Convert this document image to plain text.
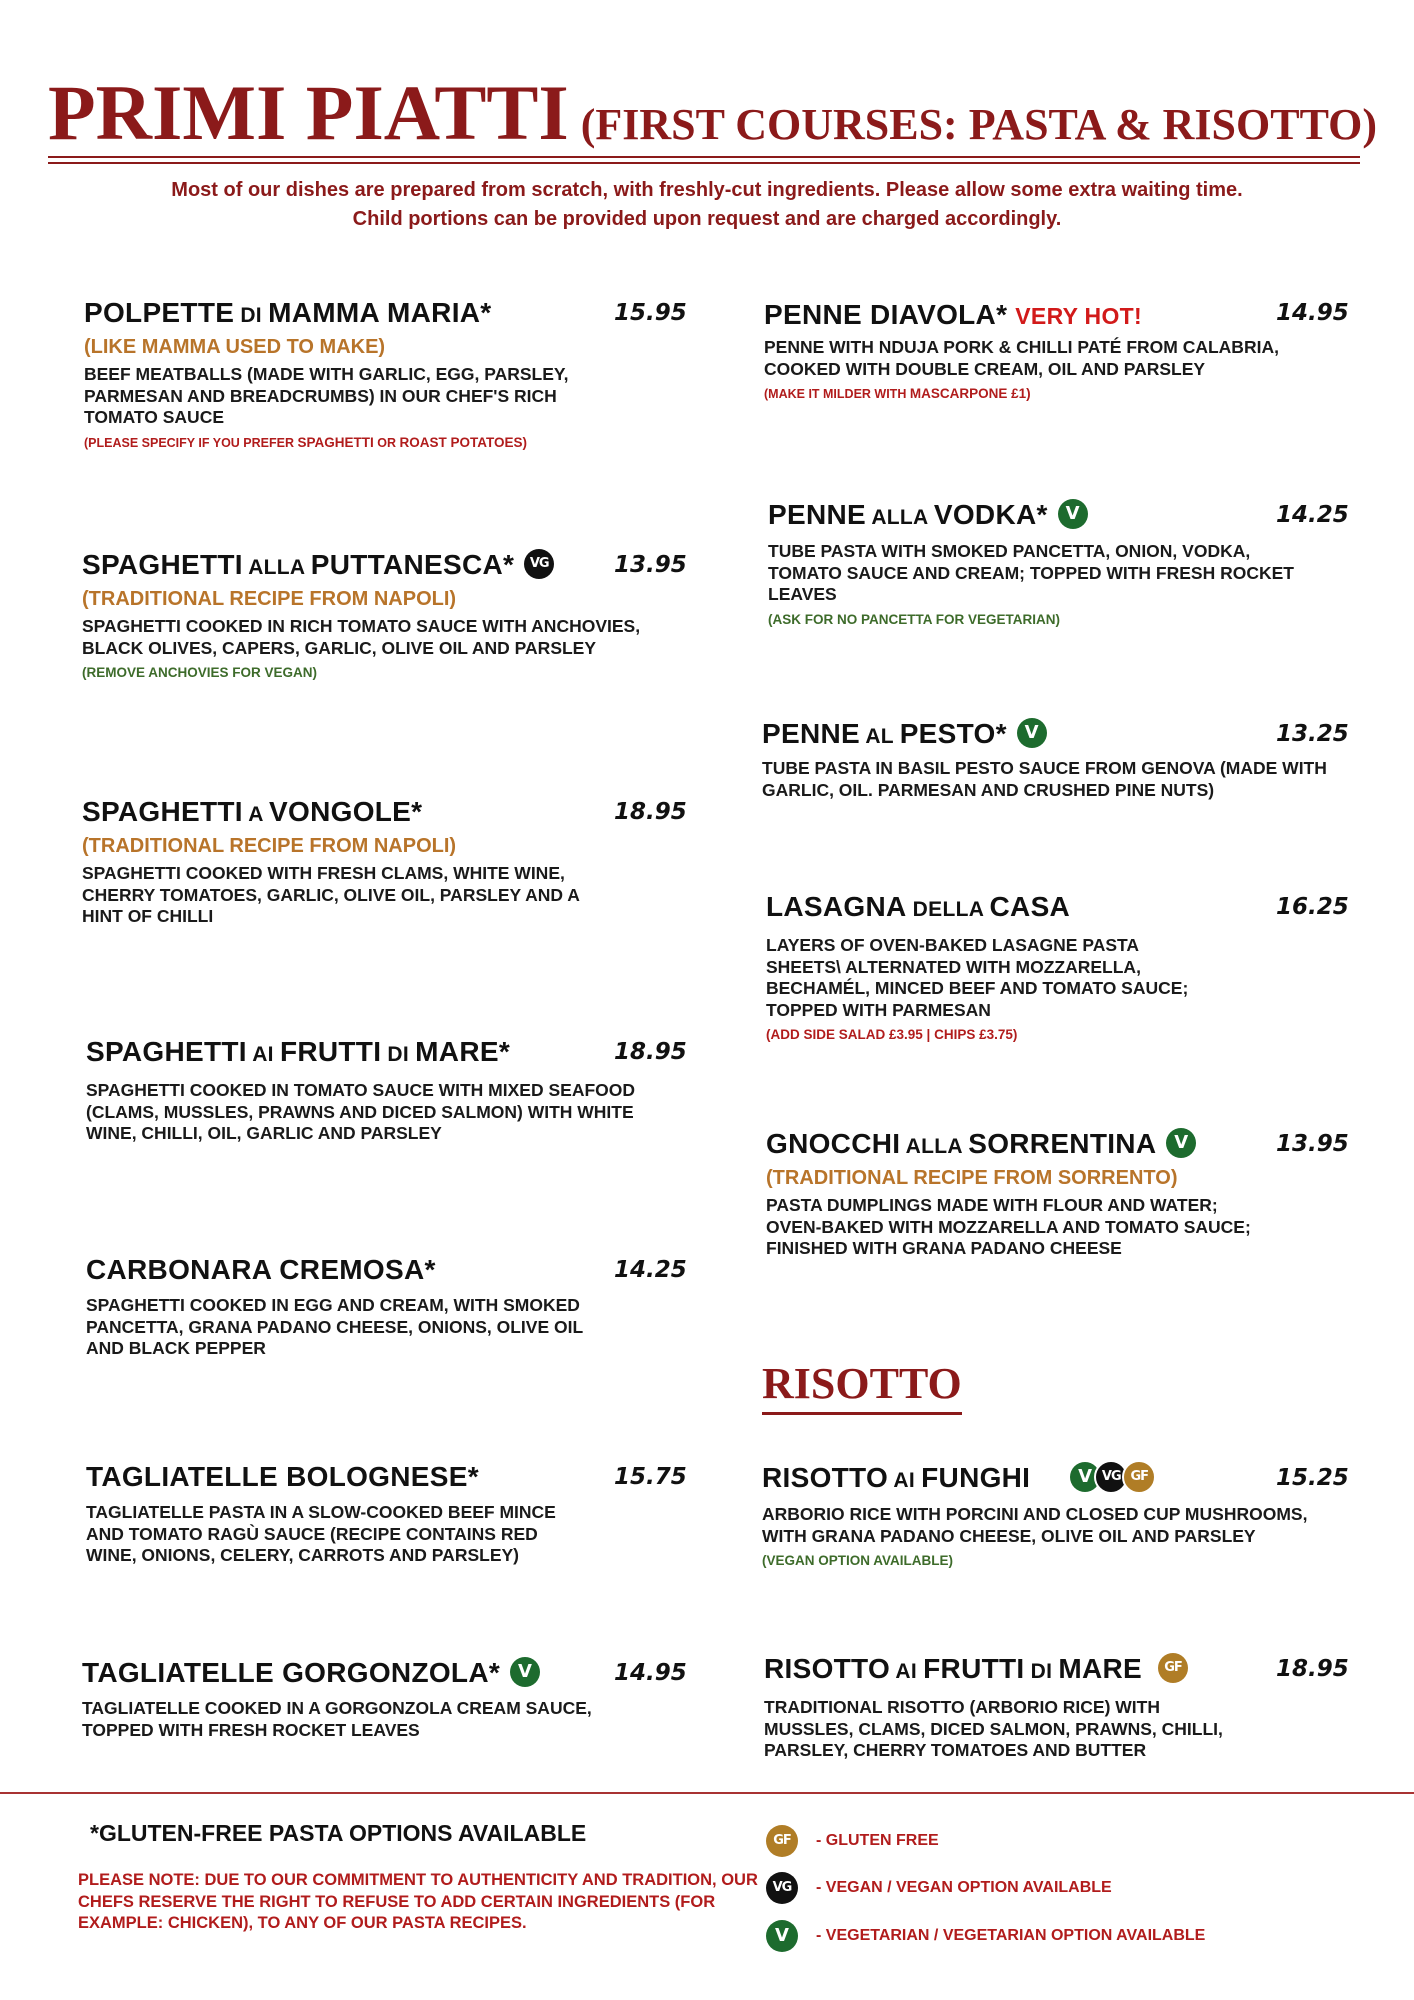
PRIMI PIATTI (FIRST COURSES: PASTA & RISOTTO)
Most of our dishes are prepared from scratch, with freshly-cut ingredients. Please allow some extra waiting time.
Child portions can be provided upon request and are charged accordingly.
POLPETTE DI MAMMA MARIA*	15.95
(LIKE MAMMA USED TO MAKE)
BEEF MEATBALLS (MADE WITH GARLIC, EGG, PARSLEY, PARMESAN AND BREADCRUMBS) IN OUR CHEF'S RICH TOMATO SAUCE
(PLEASE SPECIFY IF YOU PREFER SPAGHETTI OR ROAST POTATOES)
SPAGHETTI ALLA PUTTANESCA* VG	13.95
(TRADITIONAL RECIPE FROM NAPOLI)
SPAGHETTI COOKED IN RICH TOMATO SAUCE WITH ANCHOVIES, BLACK OLIVES, CAPERS, GARLIC, OLIVE OIL AND PARSLEY
(REMOVE ANCHOVIES FOR VEGAN)
SPAGHETTI A VONGOLE*	18.95
(TRADITIONAL RECIPE FROM NAPOLI)
SPAGHETTI COOKED WITH FRESH CLAMS, WHITE WINE, CHERRY TOMATOES, GARLIC, OLIVE OIL, PARSLEY AND A HINT OF CHILLI
SPAGHETTI AI FRUTTI DI MARE*	18.95
SPAGHETTI COOKED IN TOMATO SAUCE WITH MIXED SEAFOOD (CLAMS, MUSSLES, PRAWNS AND DICED SALMON) WITH WHITE WINE, CHILLI, OIL, GARLIC AND PARSLEY
CARBONARA CREMOSA*	14.25
SPAGHETTI COOKED IN EGG AND CREAM, WITH SMOKED PANCETTA, GRANA PADANO CHEESE, ONIONS, OLIVE OIL AND BLACK PEPPER
TAGLIATELLE BOLOGNESE*	15.75
TAGLIATELLE PASTA IN A SLOW-COOKED BEEF MINCE AND TOMATO RAGÙ SAUCE (RECIPE CONTAINS RED WINE, ONIONS, CELERY, CARROTS AND PARSLEY)
TAGLIATELLE GORGONZOLA* V	14.95
TAGLIATELLE COOKED IN A GORGONZOLA CREAM SAUCE, TOPPED WITH FRESH ROCKET LEAVES
PENNE DIAVOLA* VERY HOT!	14.95
PENNE WITH NDUJA PORK & CHILLI PATÉ FROM CALABRIA, COOKED WITH DOUBLE CREAM, OIL AND PARSLEY
(MAKE IT MILDER WITH MASCARPONE £1)
PENNE ALLA VODKA* V	14.25
TUBE PASTA WITH SMOKED PANCETTA, ONION, VODKA, TOMATO SAUCE AND CREAM; TOPPED WITH FRESH ROCKET LEAVES
(ASK FOR NO PANCETTA FOR VEGETARIAN)
PENNE AL PESTO* V	13.25
TUBE PASTA IN BASIL PESTO SAUCE FROM GENOVA (MADE WITH GARLIC, OIL. PARMESAN AND CRUSHED PINE NUTS)
LASAGNA DELLA CASA	16.25
LAYERS OF OVEN-BAKED LASAGNE PASTA SHEETS\ ALTERNATED WITH MOZZARELLA, BECHAMÉL, MINCED BEEF AND TOMATO SAUCE; TOPPED WITH PARMESAN
(ADD SIDE SALAD £3.95 | CHIPS £3.75)
GNOCCHI ALLA SORRENTINA V	13.95
(TRADITIONAL RECIPE FROM SORRENTO)
PASTA DUMPLINGS MADE WITH FLOUR AND WATER; OVEN-BAKED WITH MOZZARELLA AND TOMATO SAUCE; FINISHED WITH GRANA PADANO CHEESE
RISOTTO
RISOTTO AI FUNGHI	V VG GF	15.25
ARBORIO RICE WITH PORCINI AND CLOSED CUP MUSHROOMS, WITH GRANA PADANO CHEESE, OLIVE OIL AND PARSLEY
(VEGAN OPTION AVAILABLE)
RISOTTO AI FRUTTI DI MARE GF	18.95
TRADITIONAL RISOTTO (ARBORIO RICE) WITH MUSSLES, CLAMS, DICED SALMON, PRAWNS, CHILLI, PARSLEY, CHERRY TOMATOES AND BUTTER
*GLUTEN-FREE PASTA OPTIONS AVAILABLE
PLEASE NOTE: DUE TO OUR COMMITMENT TO AUTHENTICITY AND TRADITION, OUR CHEFS RESERVE THE RIGHT TO REFUSE TO ADD CERTAIN INGREDIENTS (FOR EXAMPLE: CHICKEN), TO ANY OF OUR PASTA RECIPES.
GF - GLUTEN FREE
VG - VEGAN / VEGAN OPTION AVAILABLE
V - VEGETARIAN / VEGETARIAN OPTION AVAILABLE
